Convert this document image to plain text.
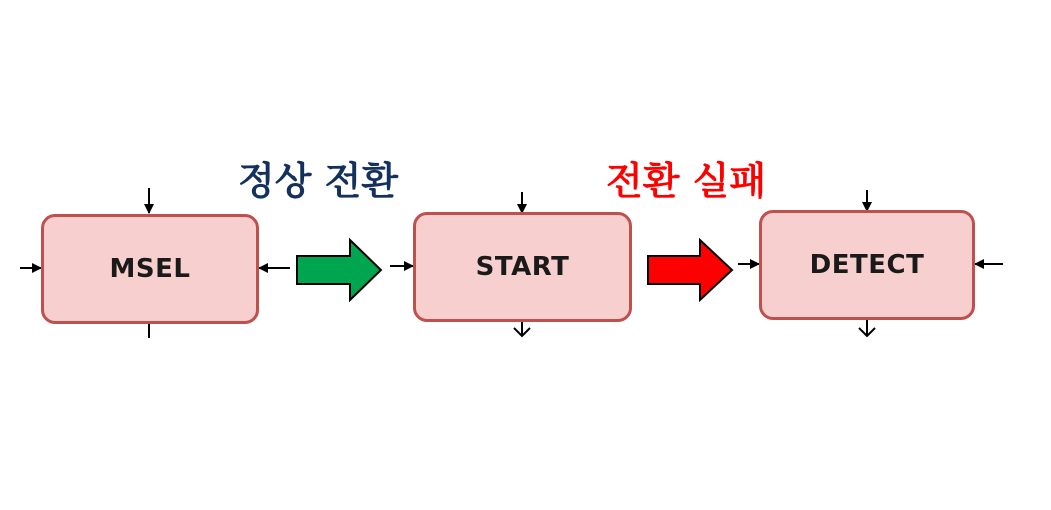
정상 전환	전환 실패
MSEL	START	DETECT
